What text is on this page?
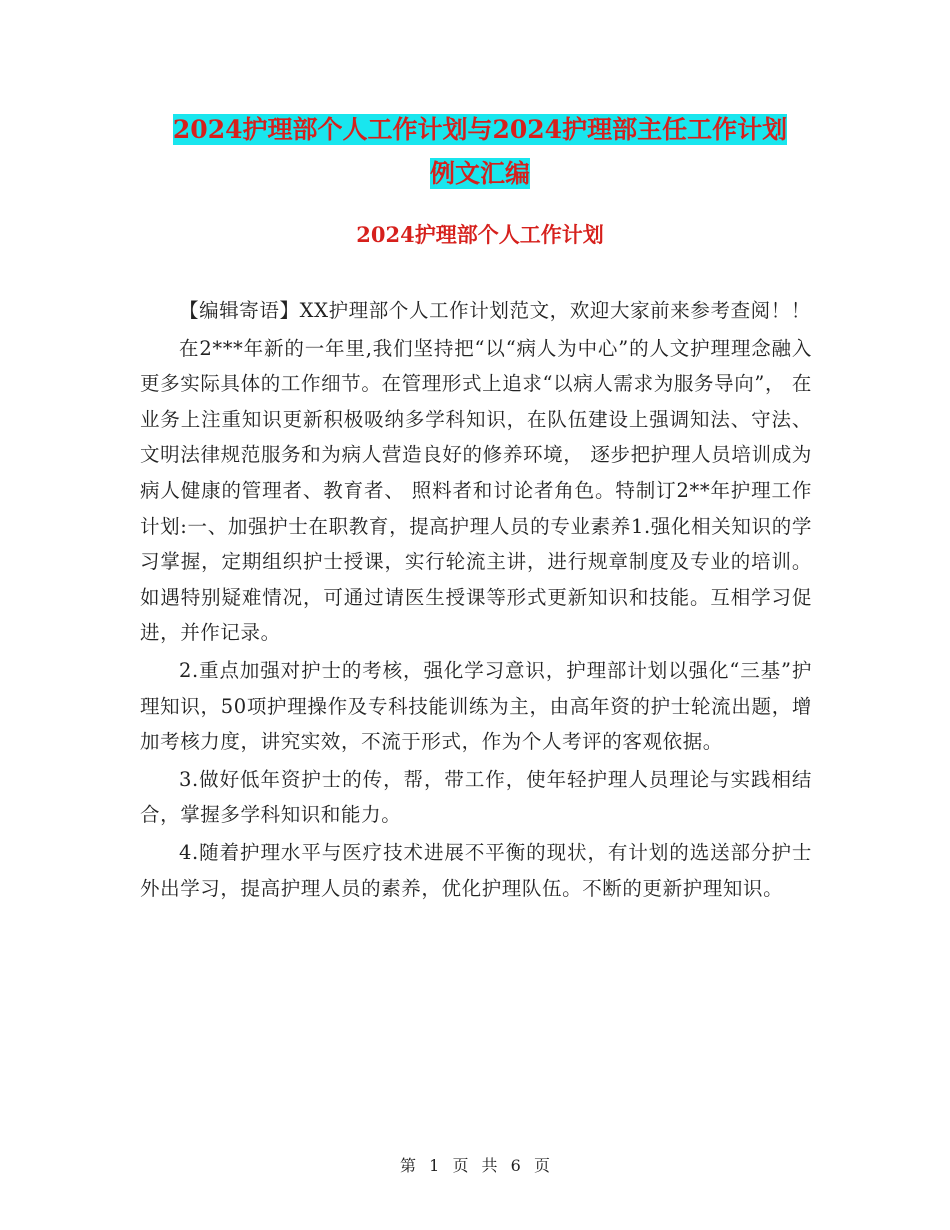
2024护理部个人工作计划与2024护理部主任工作计划
例文汇编
2024护理部个人工作计划

【编辑寄语】XX护理部个人工作计划范文，欢迎大家前来参考查阅！！

在2***年新的一年里,我们坚持把“以“病人为中心”的人文护理理念融入更多实际具体的工作细节。在管理形式上追求“以病人需求为服务导向”， 在业务上注重知识更新积极吸纳多学科知识，在队伍建设上强调知法、守法、文明法律规范服务和为病人营造良好的修养环境， 逐步把护理人员培训成为病人健康的管理者、教育者、 照料者和讨论者角色。特制订2**年护理工作计划:一、加强护士在职教育，提高护理人员的专业素养1.强化相关知识的学习掌握，定期组织护士授课，实行轮流主讲，进行规章制度及专业的培训。如遇特别疑难情况，可通过请医生授课等形式更新知识和技能。互相学习促进，并作记录。

2.重点加强对护士的考核，强化学习意识，护理部计划以强化“三基”护理知识，50项护理操作及专科技能训练为主，由高年资的护士轮流出题，增加考核力度，讲究实效，不流于形式，作为个人考评的客观依据。

3.做好低年资护士的传，帮，带工作，使年轻护理人员理论与实践相结合，掌握多学科知识和能力。

4.随着护理水平与医疗技术进展不平衡的现状，有计划的选送部分护士外出学习，提高护理人员的素养，优化护理队伍。不断的更新护理知识。

第 1 页 共 6 页
